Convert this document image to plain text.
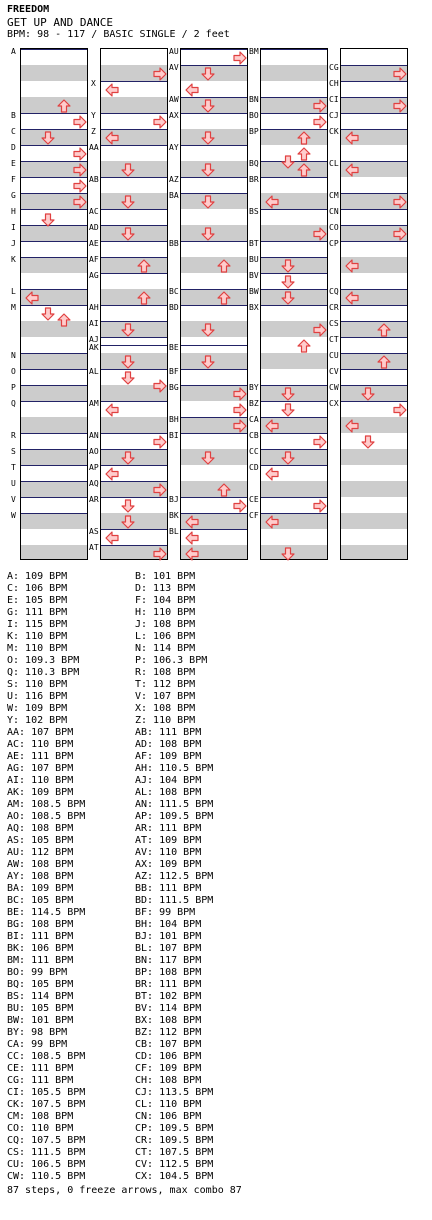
FREEDOM
GET UP AND DANCE
BPM: 98 - 117 / BASIC SINGLE / 2 feet
A
B
C
D
E
F
G
H
I
J
K
L
M
N
O
P
Q
R
S
T
U
V
W
X
Y
Z
AA
AB
AC
AD
AE
AF
AG
AH
AI
AJ
AK
AL
AM
AN
AO
AP
AQ
AR
AS
AT
AU
AV
AW
AX
AY
AZ
BA
BB
BC
BD
BE
BF
BG
BH
BI
BJ
BK
BL
BM
BN
BO
BP
BQ
BR
BS
BT
BU
BV
BW
BX
BY
BZ
CA
CB
CC
CD
CE
CF
CG
CH
CI
CJ
CK
CL
CM
CN
CO
CP
CQ
CR
CS
CT
CU
CV
CW
CX
A: 109 BPM	B: 101 BPM
C: 106 BPM	D: 113 BPM
E: 105 BPM	F: 104 BPM
G: 111 BPM	H: 110 BPM
I: 115 BPM	J: 108 BPM
K: 110 BPM	L: 106 BPM
M: 110 BPM	N: 114 BPM
O: 109.3 BPM	P: 106.3 BPM
Q: 110.3 BPM	R: 108 BPM
S: 110 BPM	T: 112 BPM
U: 116 BPM	V: 107 BPM
W: 109 BPM	X: 108 BPM
Y: 102 BPM	Z: 110 BPM
AA: 107 BPM	AB: 111 BPM
AC: 110 BPM	AD: 108 BPM
AE: 111 BPM	AF: 109 BPM
AG: 107 BPM	AH: 110.5 BPM
AI: 110 BPM	AJ: 104 BPM
AK: 109 BPM	AL: 108 BPM
AM: 108.5 BPM	AN: 111.5 BPM
AO: 108.5 BPM	AP: 109.5 BPM
AQ: 108 BPM	AR: 111 BPM
AS: 105 BPM	AT: 109 BPM
AU: 112 BPM	AV: 110 BPM
AW: 108 BPM	AX: 109 BPM
AY: 108 BPM	AZ: 112.5 BPM
BA: 109 BPM	BB: 111 BPM
BC: 105 BPM	BD: 111.5 BPM
BE: 114.5 BPM	BF: 99 BPM
BG: 108 BPM	BH: 104 BPM
BI: 111 BPM	BJ: 101 BPM
BK: 106 BPM	BL: 107 BPM
BM: 111 BPM	BN: 117 BPM
BO: 99 BPM	BP: 108 BPM
BQ: 105 BPM	BR: 111 BPM
BS: 114 BPM	BT: 102 BPM
BU: 105 BPM	BV: 114 BPM
BW: 101 BPM	BX: 108 BPM
BY: 98 BPM	BZ: 112 BPM
CA: 99 BPM	CB: 107 BPM
CC: 108.5 BPM	CD: 106 BPM
CE: 111 BPM	CF: 109 BPM
CG: 111 BPM	CH: 108 BPM
CI: 105.5 BPM	CJ: 113.5 BPM
CK: 107.5 BPM	CL: 110 BPM
CM: 108 BPM	CN: 106 BPM
CO: 110 BPM	CP: 109.5 BPM
CQ: 107.5 BPM	CR: 109.5 BPM
CS: 111.5 BPM	CT: 107.5 BPM
CU: 106.5 BPM	CV: 112.5 BPM
CW: 110.5 BPM	CX: 104.5 BPM
87 steps, 0 freeze arrows, max combo 87
